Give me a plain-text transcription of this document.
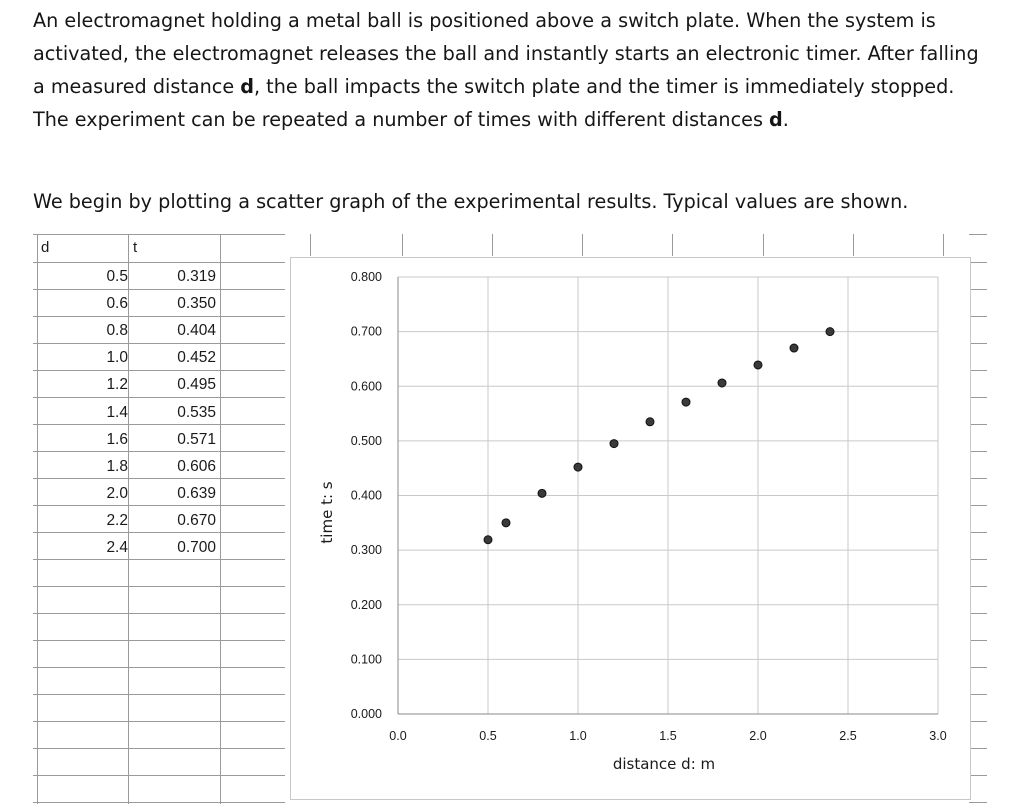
An electromagnet holding a metal ball is positioned above a switch plate. When the system is activated, the electromagnet releases the ball and instantly starts an electronic timer. After falling a measured distance d, the ball impacts the switch plate and the timer is immediately stopped. The experiment can be repeated a number of times with different distances d.

We begin by plotting a scatter graph of the experimental results. Typical values are shown.

d	t
0.5	0.319
0.6	0.350
0.8	0.404
1.0	0.452
1.2	0.495
1.4	0.535
1.6	0.571
1.8	0.606
2.0	0.639
2.2	0.670
2.4	0.700
0.0	0.5	1.0	1.5	2.0	2.5	3.0
0.000
0.100
0.200
0.300
0.400
0.500
0.600
0.700
0.800
distance d: m
time t: s
